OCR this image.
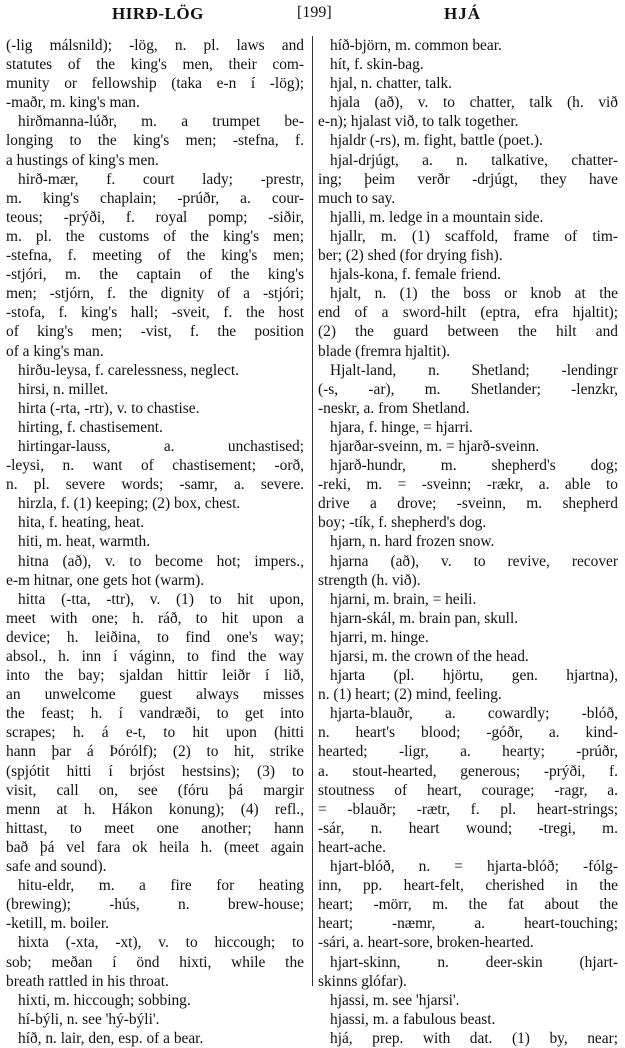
HIRÐ-LÖG	[199]	HJÁ
(-lig málsnild); -lög, n. pl. laws and
statutes of the king's men, their com-
munity or fellowship (taka e-n í -lög);
-maðr, m. king's man.
hirðmanna-lúðr, m. a trumpet be-
longing to the king's men; -stefna, f.
a hustings of king's men.
hirð-mær, f. court lady; -prestr,
m. king's chaplain; -prúðr, a. cour-
teous; -prýði, f. royal pomp; -siðir,
m. pl. the customs of the king's men;
-stefna, f. meeting of the king's men;
-stjóri, m. the captain of the king's
men; -stjórn, f. the dignity of a -stjóri;
-stofa, f. king's hall; -sveit, f. the host
of king's men; -vist, f. the position
of a king's man.
hirðu-leysa, f. carelessness, neglect.
hirsi, n. millet.
hirta (-rta, -rtr), v. to chastise.
hirting, f. chastisement.
hirtingar-lauss, a. unchastised;
-leysi, n. want of chastisement; -orð,
n. pl. severe words; -samr, a. severe.
hirzla, f. (1) keeping; (2) box, chest.
hita, f. heating, heat.
hiti, m. heat, warmth.
hitna (að), v. to become hot; impers.,
e-m hitnar, one gets hot (warm).
hitta (-tta, -ttr), v. (1) to hit upon,
meet with one; h. ráð, to hit upon a
device; h. leiðina, to find one's way;
absol., h. inn í váginn, to find the way
into the bay; sjaldan hittir leiðr í lið,
an unwelcome guest always misses
the feast; h. í vandræði, to get into
scrapes; h. á e-t, to hit upon (hitti
hann þar á Þórólf); (2) to hit, strike
(spjótit hitti í brjóst hestsins); (3) to
visit, call on, see (fóru þá margir
menn at h. Hákon konung); (4) refl.,
hittast, to meet one another; hann
bað þá vel fara ok heila h. (meet again
safe and sound).
hitu-eldr, m. a fire for heating
(brewing); -hús, n. brew-house;
-ketill, m. boiler.
hixta (-xta, -xt), v. to hiccough; to
sob; meðan í önd hixti, while the
breath rattled in his throat.
hixti, m. hiccough; sobbing.
hí-býli, n. see 'hý-býli'.
híð, n. lair, den, esp. of a bear.
híð-björn, m. common bear.
hít, f. skin-bag.
hjal, n. chatter, talk.
hjala (að), v. to chatter, talk (h. við
e-n); hjalast við, to talk together.
hjaldr (-rs), m. fight, battle (poet.).
hjal-drjúgt, a. n. talkative, chatter-
ing; þeim verðr -drjúgt, they have
much to say.
hjalli, m. ledge in a mountain side.
hjallr, m. (1) scaffold, frame of tim-
ber; (2) shed (for drying fish).
hjals-kona, f. female friend.
hjalt, n. (1) the boss or knob at the
end of a sword-hilt (eptra, efra hjaltit);
(2) the guard between the hilt and
blade (fremra hjaltit).
Hjalt-land, n. Shetland; -lendingr
(-s, -ar), m. Shetlander; -lenzkr,
-neskr, a. from Shetland.
hjara, f. hinge, = hjarri.
hjarðar-sveinn, m. = hjarð-sveinn.
hjarð-hundr, m. shepherd's dog;
-reki, m. = -sveinn; -rækr, a. able to
drive a drove; -sveinn, m. shepherd
boy; -tík, f. shepherd's dog.
hjarn, n. hard frozen snow.
hjarna (að), v. to revive, recover
strength (h. við).
hjarni, m. brain, = heili.
hjarn-skál, m. brain pan, skull.
hjarri, m. hinge.
hjarsi, m. the crown of the head.
hjarta (pl. hjörtu, gen. hjartna),
n. (1) heart; (2) mind, feeling.
hjarta-blauðr, a. cowardly; -blóð,
n. heart's blood; -góðr, a. kind-
hearted; -ligr, a. hearty; -prúðr,
a. stout-hearted, generous; -prýði, f.
stoutness of heart, courage; -ragr, a.
= -blauðr; -rætr, f. pl. heart-strings;
-sár, n. heart wound; -tregi, m.
heart-ache.
hjart-blóð, n. = hjarta-blóð; -fólg-
inn, pp. heart-felt, cherished in the
heart; -mörr, m. the fat about the
heart; -næmr, a. heart-touching;
-sári, a. heart-sore, broken-hearted.
hjart-skinn, n. deer-skin (hjart-
skinns glófar).
hjassi, m. see 'hjarsi'.
hjassi, m. a fabulous beast.
hjá, prep. with dat. (1) by, near;
